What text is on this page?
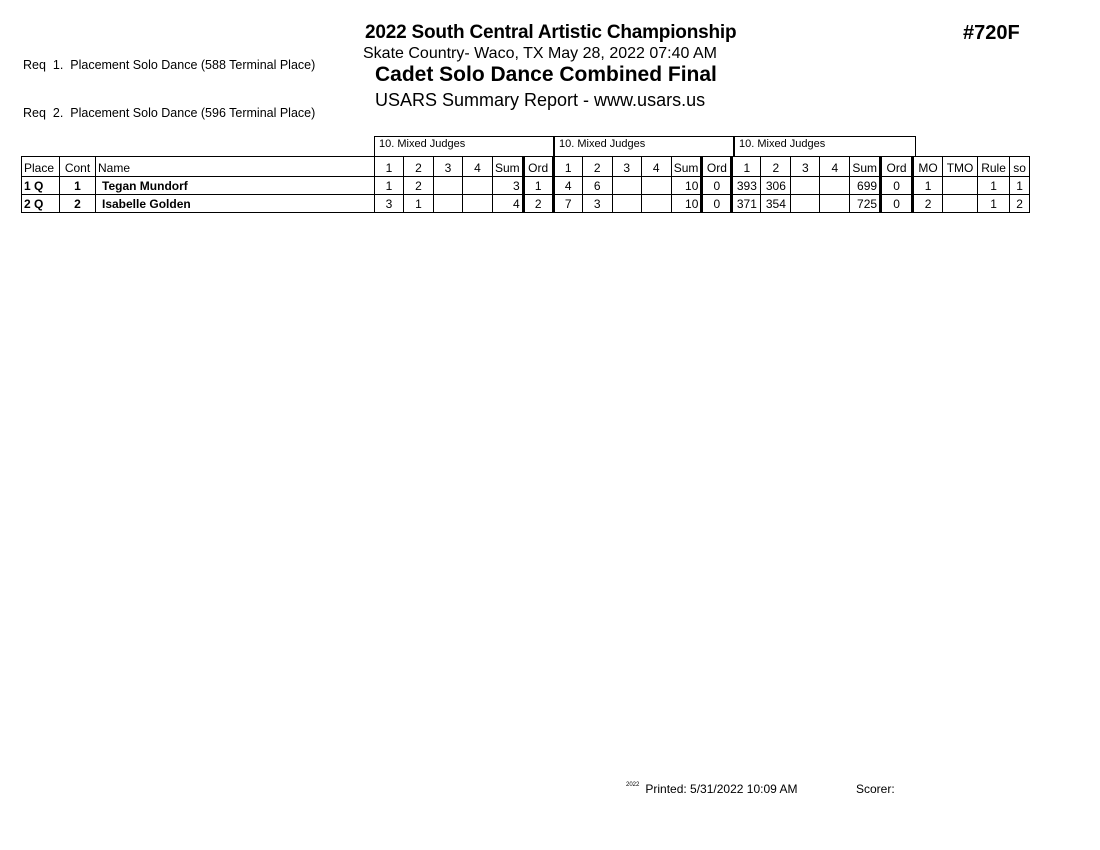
Req  1.  Placement Solo Dance (588 Terminal Place)

Req  2.  Placement Solo Dance (596 Terminal Place)

2022 South Central Artistic Championship
Skate Country- Waco, TX May 28, 2022 07:40 AM
Cadet Solo Dance Combined Final
USARS Summary Report - www.usars.us
#720F
10. Mixed Judges	10. Mixed Judges	10. Mixed Judges
Place	Cont	Name	1	2	3	4	Sum	Ord	1	2	3	4	Sum	Ord	1	2	3	4	Sum	Ord	MO	TMO	Rule	so
1 Q	1	Tegan Mundorf	1	2			3	1	4	6			10	0	393	306			699	0	1		1	1
2 Q	2	Isabelle Golden	3	1			4	2	7	3			10	0	371	354			725	0	2		1	2
$^{2022}$ Printed: 5/31/2022 10:09 AM	Scorer:
